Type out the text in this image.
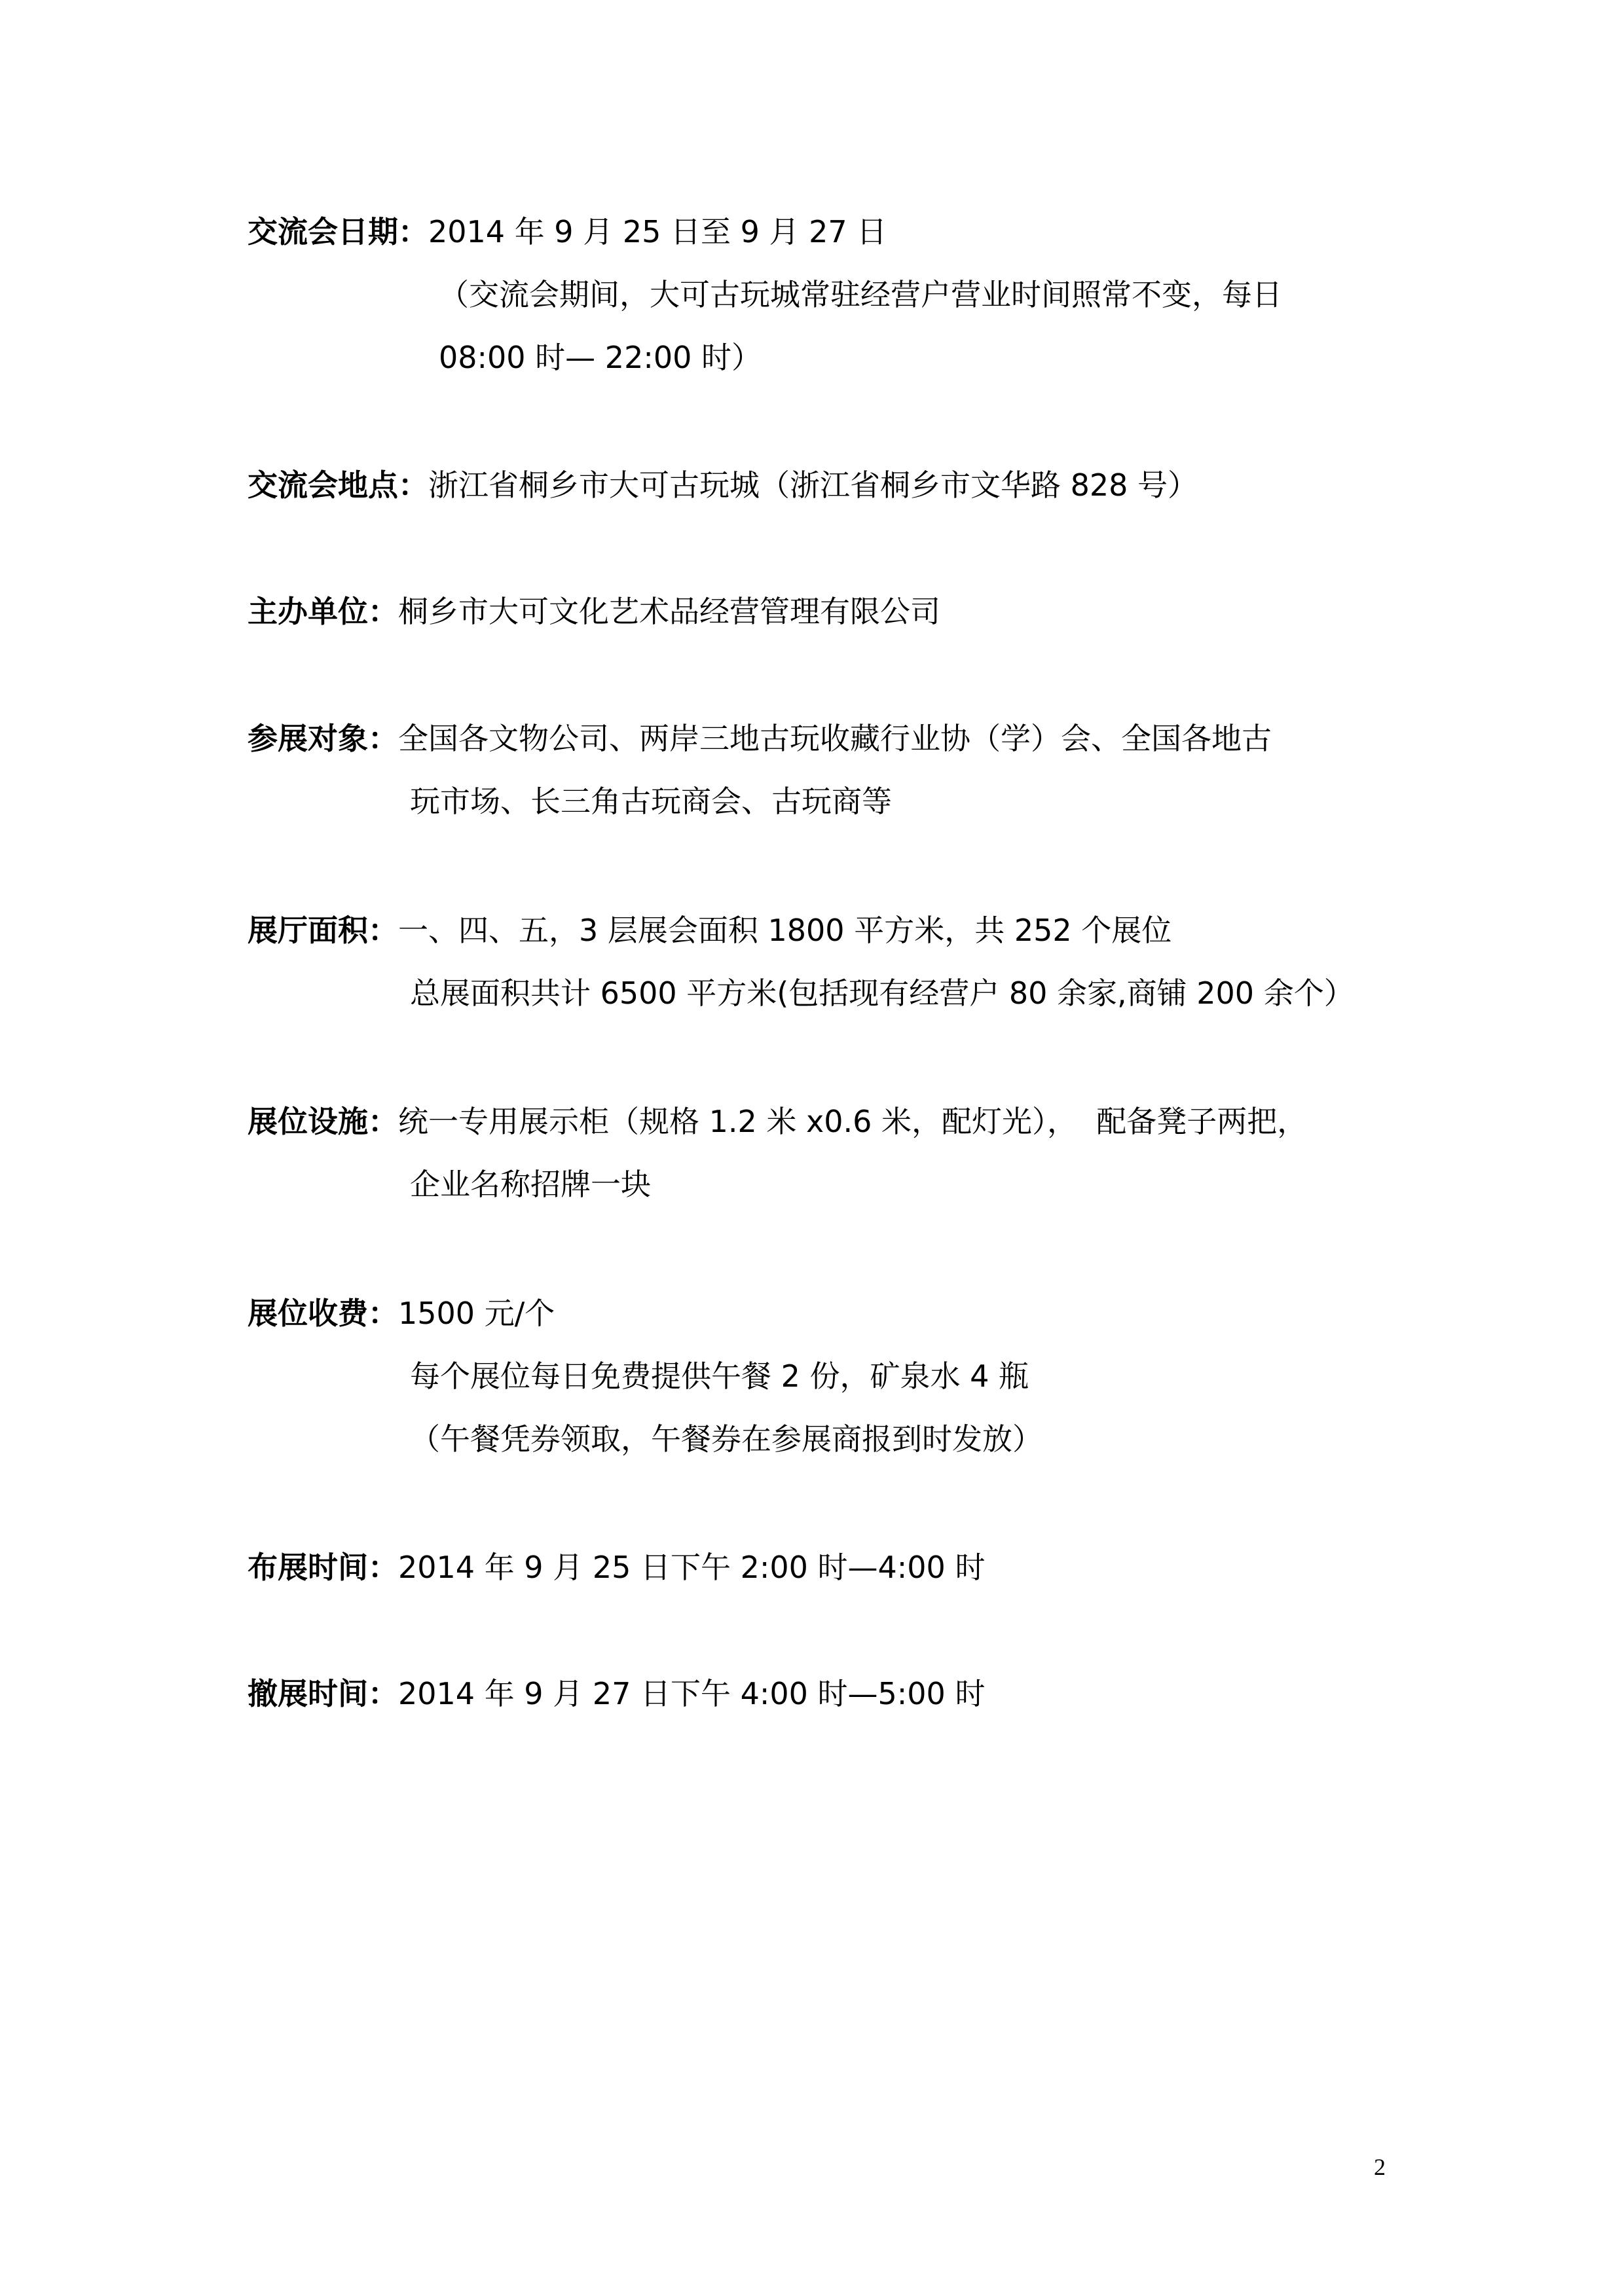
交流会日期：2014 年 9 月 25 日至 9 月 27 日
（交流会期间，大可古玩城常驻经营户营业时间照常不变，每日
08:00 时— 22:00 时）
交流会地点：浙江省桐乡市大可古玩城（浙江省桐乡市文华路 828 号）
主办单位：桐乡市大可文化艺术品经营管理有限公司
参展对象：全国各文物公司、两岸三地古玩收藏行业协（学）会、全国各地古
玩市场、长三角古玩商会、古玩商等
展厅面积：一、四、五，3 层展会面积 1800 平方米，共 252 个展位
总展面积共计 6500 平方米(包括现有经营户 80 余家,商铺 200 余个）
展位设施：统一专用展示柜（规格 1.2 米 x0.6 米，配灯光），  配备凳子两把，
企业名称招牌一块
展位收费：1500 元/个
每个展位每日免费提供午餐 2 份，矿泉水 4 瓶
（午餐凭券领取，午餐券在参展商报到时发放）
布展时间：2014 年 9 月 25 日下午 2:00 时—4:00 时
撤展时间：2014 年 9 月 27 日下午 4:00 时—5:00 时
2
